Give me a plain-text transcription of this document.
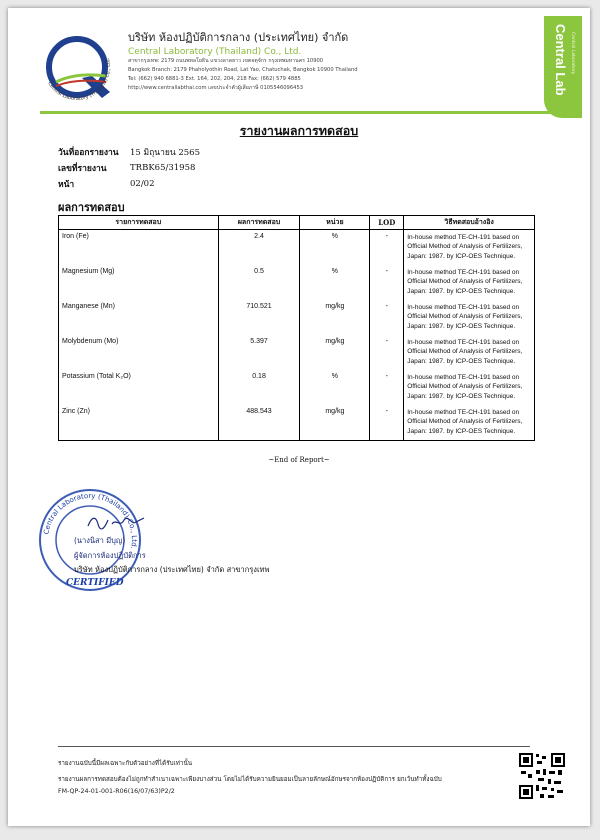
Central Laboratory (Thailand) Co., Ltd.
บริษัท ห้องปฏิบัติการกลาง (ประเทศไทย) จำกัด
Central Laboratory (Thailand) Co., Ltd.
สาขากรุงเทพ: 2179 ถนนพหลโยธิน แขวงลาดยาว เขตจตุจักร กรุงเทพมหานคร 10900
Bangkok Branch: 2179 Phaholyothin Road, Lat Yao, Chatuchak, Bangkok 10900 Thailand
Tel: (662) 940 6881-3 Ext. 164, 202, 204, 218 Fax: (662) 579 4885
http://www.centrallabthai.com เลขประจำตัวผู้เสียภาษี 0105546096453	Central Lab Central Laboratory
รายงานผลการทดสอบ
วันที่ออกรายงาน	15 มิถุนายน 2565
เลขที่รายงาน	TRBK65/31958
หน้า	02/02
ผลการทดสอบ
รายการทดสอบ	ผลการทดสอบ	หน่วย	LOD	วิธีทดสอบอ้างอิง
Iron (Fe)	2.4	%	-	In-house method TE-CH-191 based on
Official Method of Analysis of Fertilizers,
Japan: 1987. by ICP-OES Technique.

Magnesium (Mg)	0.5	%	-	In-house method TE-CH-191 based on
Official Method of Analysis of Fertilizers,
Japan: 1987. by ICP-OES Technique.

Manganese (Mn)	710.521	mg/kg	-	In-house method TE-CH-191 based on
Official Method of Analysis of Fertilizers,
Japan: 1987. by ICP-OES Technique.

Molybdenum (Mo)	5.397	mg/kg	-	In-house method TE-CH-191 based on
Official Method of Analysis of Fertilizers,
Japan: 1987. by ICP-OES Technique.

Potassium (Total K₂O)	0.18	%	-	In-house method TE-CH-191 based on
Official Method of Analysis of Fertilizers,
Japan: 1987. by ICP-OES Technique.

Zinc (Zn)	488.543	mg/kg	-	In-house method TE-CH-191 based on
Official Method of Analysis of Fertilizers,
Japan: 1987. by ICP-OES Technique.
~End of Report~
Central Laboratory (Thailand) Co., Ltd.
(นางนิสา มีบุญ)
ผู้จัดการห้องปฏิบัติการ
บริษัท ห้องปฏิบัติการกลาง (ประเทศไทย) จำกัด สาขากรุงเทพ
CERTIFIED
รายงานฉบับนี้มีผลเฉพาะกับตัวอย่างที่ได้รับเท่านั้น
รายงานผลการทดสอบต้องไม่ถูกทำสำเนาเฉพาะเพียงบางส่วน โดยไม่ได้รับความยินยอมเป็นลายลักษณ์อักษรจากห้องปฏิบัติการ ยกเว้นทำทั้งฉบับ
FM-QP-24-01-001-R06(16/07/63)P2/2
